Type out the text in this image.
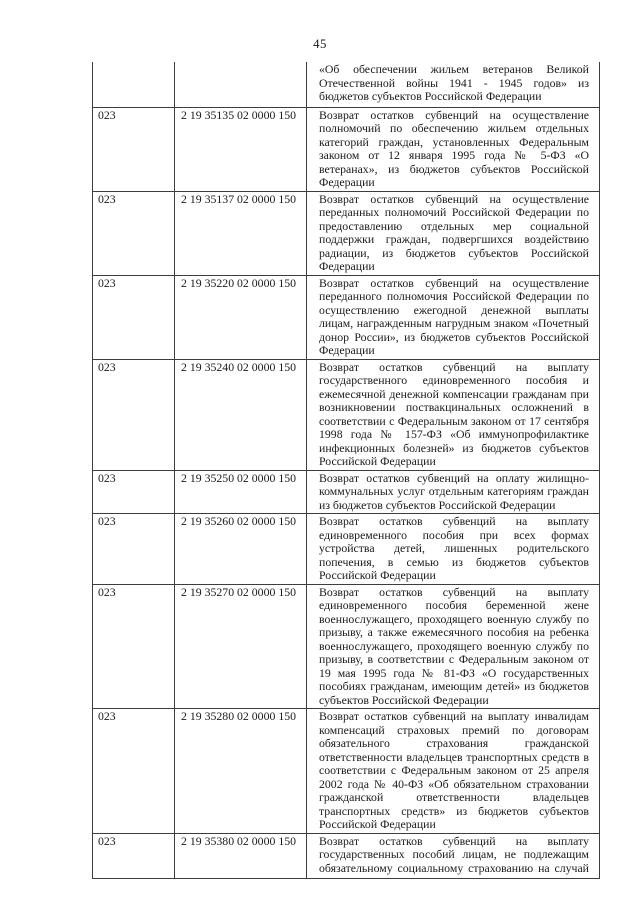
45
		«Об обеспечении жильем ветеранов Великой Отечественной войны 1941 - 1945 годов» из бюджетов субъектов Российской Федерации
023	2 19 35135 02 0000 150	Возврат остатков субвенций на осуществление полномочий по обеспечению жильем отдельных категорий граждан, установленных Федеральным законом от 12 января 1995 года № 5-ФЗ «О ветеранах», из бюджетов субъектов Российской Федерации
023	2 19 35137 02 0000 150	Возврат остатков субвенций на осуществление переданных полномочий Российской Федерации по предоставлению отдельных мер социальной поддержки граждан, подвергшихся воздействию радиации, из бюджетов субъектов Российской Федерации
023	2 19 35220 02 0000 150	Возврат остатков субвенций на осуществление переданного полномочия Российской Федерации по осуществлению ежегодной денежной выплаты лицам, награжденным нагрудным знаком «Почетный донор России», из бюджетов субъектов Российской Федерации
023	2 19 35240 02 0000 150	Возврат остатков субвенций на выплату государственного единовременного пособия и ежемесячной денежной компенсации гражданам при возникновении поствакцинальных осложнений в соответствии с Федеральным законом от 17 сентября 1998 года № 157-ФЗ «Об иммунопрофилактике инфекционных болезней» из бюджетов субъектов Российской Федерации
023	2 19 35250 02 0000 150	Возврат остатков субвенций на оплату жилищно-коммунальных услуг отдельным категориям граждан из бюджетов субъектов Российской Федерации
023	2 19 35260 02 0000 150	Возврат остатков субвенций на выплату единовременного пособия при всех формах устройства детей, лишенных родительского попечения, в семью из бюджетов субъектов Российской Федерации
023	2 19 35270 02 0000 150	Возврат остатков субвенций на выплату единовременного пособия беременной жене военнослужащего, проходящего военную службу по призыву, а также ежемесячного пособия на ребенка военнослужащего, проходящего военную службу по призыву, в соответствии с Федеральным законом от 19 мая 1995 года № 81-ФЗ «О государственных пособиях гражданам, имеющим детей» из бюджетов субъектов Российской Федерации
023	2 19 35280 02 0000 150	Возврат остатков субвенций на выплату инвалидам компенсаций страховых премий по договорам обязательного страхования гражданской ответственности владельцев транспортных средств в соответствии с Федеральным законом от 25 апреля 2002 года № 40-ФЗ «Об обязательном страховании гражданской ответственности владельцев транспортных средств» из бюджетов субъектов Российской Федерации
023	2 19 35380 02 0000 150	Возврат остатков субвенций на выплату государственных пособий лицам, не подлежащим обязательному социальному страхованию на случай
